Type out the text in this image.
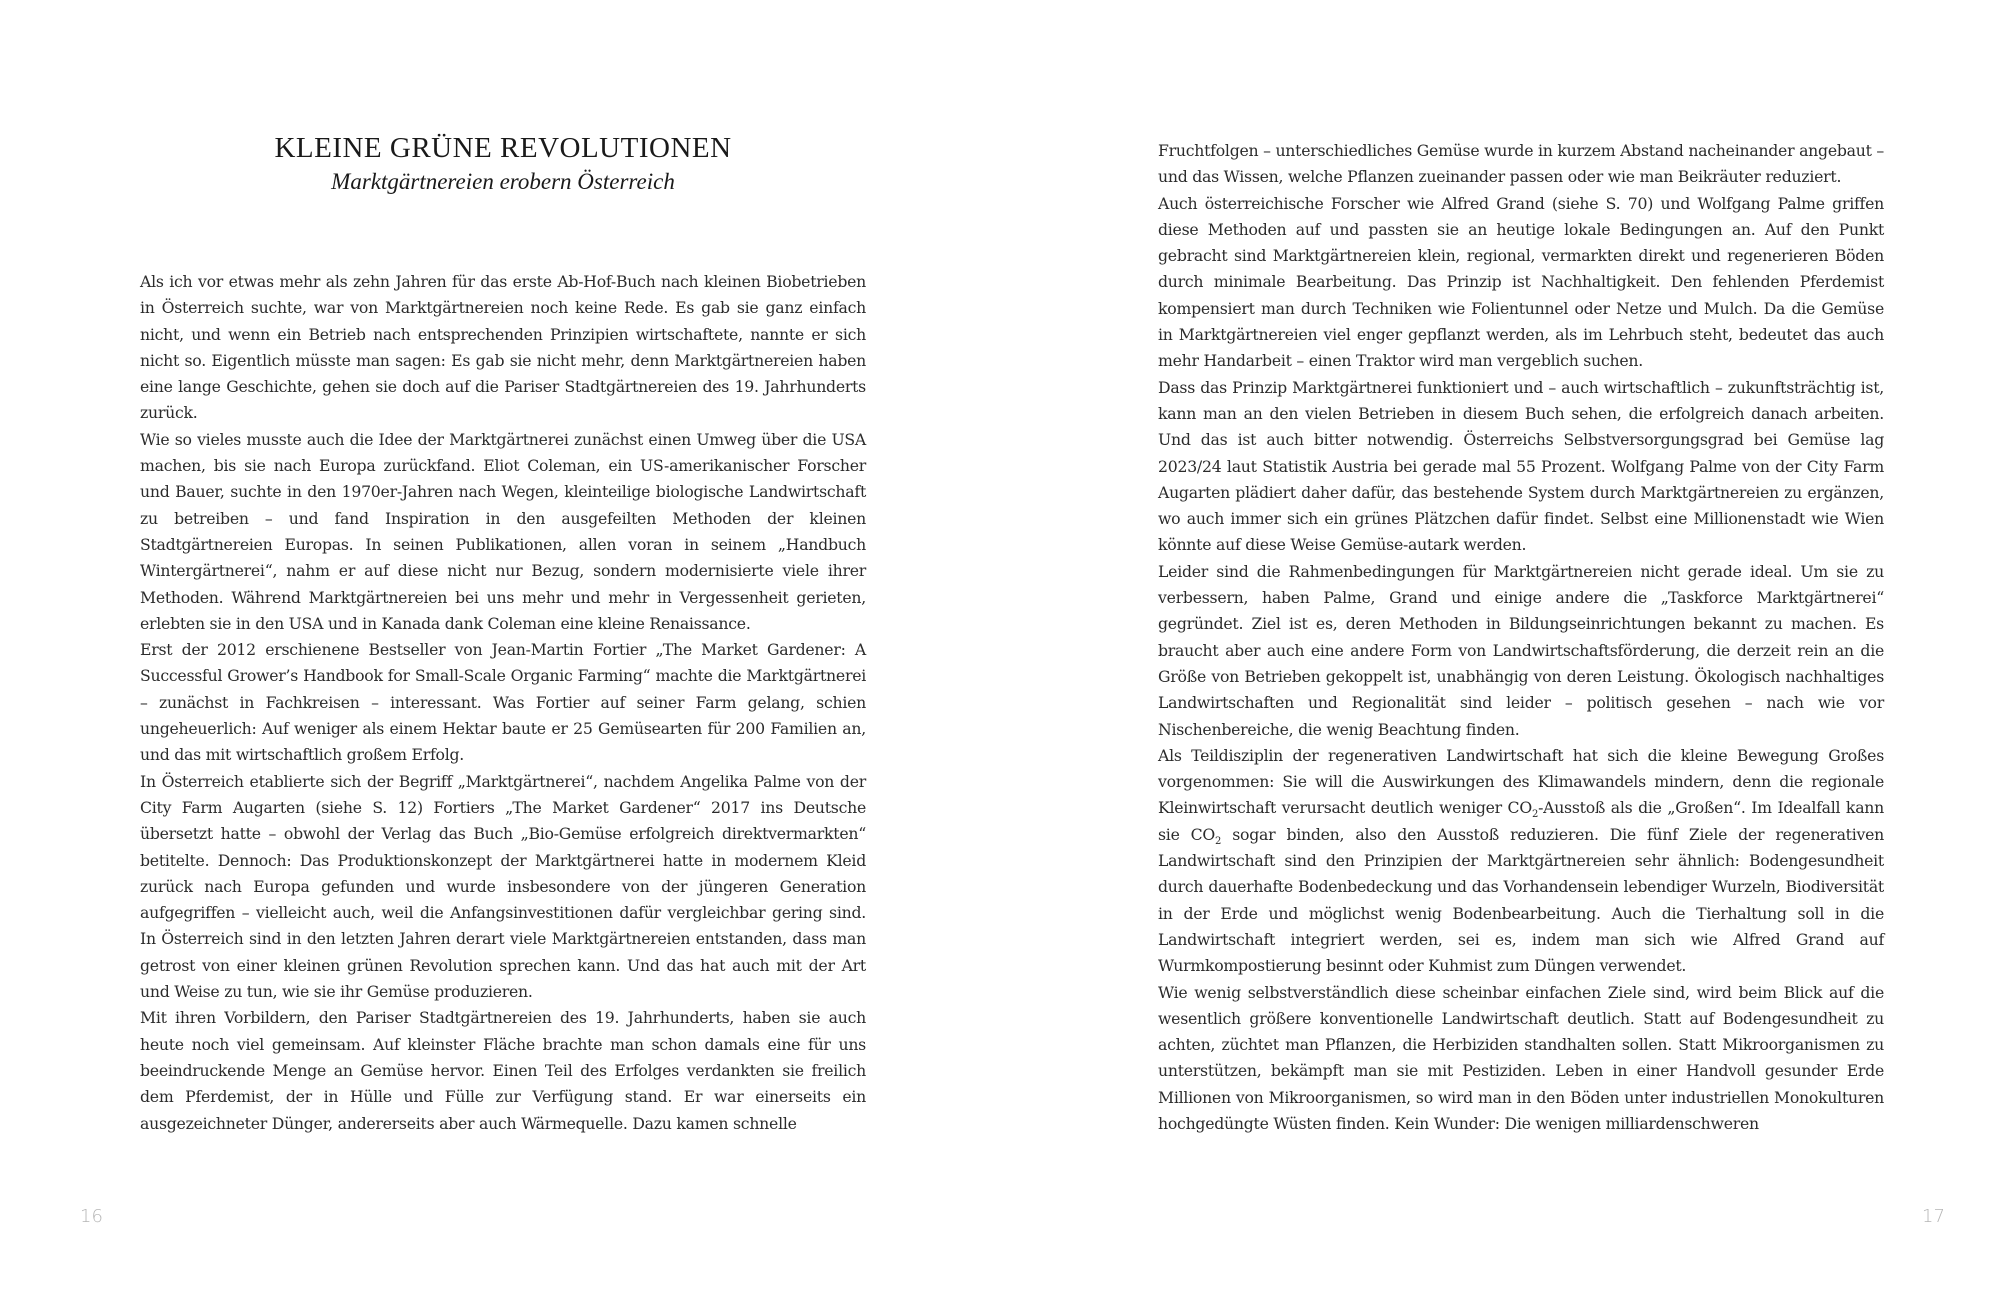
KLEINE GRÜNE REVOLUTIONEN
Marktgärtnereien erobern Österreich

Als ich vor etwas mehr als zehn Jahren für das erste Ab-Hof-Buch nach kleinen Biobetrieben in Österreich suchte, war von Marktgärtnereien noch keine Rede. Es gab sie ganz einfach nicht, und wenn ein Betrieb nach entsprechenden Prinzipien wirtschaftete, nannte er sich nicht so. Eigentlich müsste man sagen: Es gab sie nicht mehr, denn Marktgärtnereien haben eine lange Geschichte, gehen sie doch auf die Pariser Stadtgärtnereien des 19. Jahrhunderts zurück.

Wie so vieles musste auch die Idee der Marktgärtnerei zunächst einen Umweg über die USA machen, bis sie nach Europa zurückfand. Eliot Coleman, ein US-amerikanischer Forscher und Bauer, suchte in den 1970er-Jahren nach Wegen, kleinteilige biologische Landwirtschaft zu betreiben – und fand Inspiration in den ausgefeilten Methoden der kleinen Stadtgärtnereien Europas. In seinen Publikationen, allen voran in seinem „Handbuch Wintergärtnerei“, nahm er auf diese nicht nur Bezug, sondern modernisierte viele ihrer Methoden. Während Marktgärtnereien bei uns mehr und mehr in Vergessenheit gerieten, erlebten sie in den USA und in Kanada dank Coleman eine kleine Renaissance.

Erst der 2012 erschienene Bestseller von Jean-Martin Fortier „The Market Gardener: A Successful Grower’s Handbook for Small-Scale Organic Farming“ machte die Marktgärtnerei – zunächst in Fachkreisen – interessant. Was Fortier auf seiner Farm gelang, schien ungeheuerlich: Auf weniger als einem Hektar baute er 25 Gemüsearten für 200 Familien an, und das mit wirtschaftlich großem Erfolg.

In Österreich etablierte sich der Begriff „Marktgärtnerei“, nachdem Angelika Palme von der City Farm Augarten (siehe S. 12) Fortiers „The Market Gardener“ 2017 ins Deutsche übersetzt hatte – obwohl der Verlag das Buch „Bio-Gemüse erfolgreich direktvermarkten“ betitelte. Dennoch: Das Produktionskonzept der Marktgärtnerei hatte in modernem Kleid zurück nach Europa gefunden und wurde insbesondere von der jüngeren Generation aufgegriffen – vielleicht auch, weil die Anfangsinvestitionen dafür vergleichbar gering sind. In Österreich sind in den letzten Jahren derart viele Marktgärtnereien entstanden, dass man getrost von einer kleinen grünen Revolution sprechen kann. Und das hat auch mit der Art und Weise zu tun, wie sie ihr Gemüse produzieren.

Mit ihren Vorbildern, den Pariser Stadtgärtnereien des 19. Jahrhunderts, haben sie auch heute noch viel gemeinsam. Auf kleinster Fläche brachte man schon damals eine für uns beeindruckende Menge an Gemüse hervor. Einen Teil des Erfolges verdankten sie freilich dem Pferdemist, der in Hülle und Fülle zur Verfügung stand. Er war einerseits ein ausgezeichneter Dünger, andererseits aber auch Wärmequelle. Dazu kamen schnelle

Fruchtfolgen – unterschiedliches Gemüse wurde in kurzem Abstand nacheinander angebaut – und das Wissen, welche Pflanzen zueinander passen oder wie man Beikräuter reduziert.

Auch österreichische Forscher wie Alfred Grand (siehe S. 70) und Wolfgang Palme griffen diese Methoden auf und passten sie an heutige lokale Bedingungen an. Auf den Punkt gebracht sind Marktgärtnereien klein, regional, vermarkten direkt und regenerieren Böden durch minimale Bearbeitung. Das Prinzip ist Nachhaltigkeit. Den fehlenden Pferdemist kompensiert man durch Techniken wie Folientunnel oder Netze und Mulch. Da die Gemüse in Marktgärtnereien viel enger gepflanzt werden, als im Lehrbuch steht, bedeutet das auch mehr Handarbeit – einen Traktor wird man vergeblich suchen.

Dass das Prinzip Marktgärtnerei funktioniert und – auch wirtschaftlich – zukunftsträchtig ist, kann man an den vielen Betrieben in diesem Buch sehen, die erfolgreich danach arbeiten. Und das ist auch bitter notwendig. Österreichs Selbstversorgungsgrad bei Gemüse lag 2023/24 laut Statistik Austria bei gerade mal 55 Prozent. Wolfgang Palme von der City Farm Augarten plädiert daher dafür, das bestehende System durch Marktgärtnereien zu ergänzen, wo auch immer sich ein grünes Plätzchen dafür findet. Selbst eine Millionenstadt wie Wien könnte auf diese Weise Gemüse-autark werden.

Leider sind die Rahmenbedingungen für Marktgärtnereien nicht gerade ideal. Um sie zu verbessern, haben Palme, Grand und einige andere die „Taskforce Marktgärtnerei“ gegründet. Ziel ist es, deren Methoden in Bildungseinrichtungen bekannt zu machen. Es braucht aber auch eine andere Form von Landwirtschaftsförderung, die derzeit rein an die Größe von Betrieben gekoppelt ist, unabhängig von deren Leistung. Ökologisch nachhaltiges Landwirtschaften und Regionalität sind leider – politisch gesehen – nach wie vor Nischenbereiche, die wenig Beachtung finden.

Als Teildisziplin der regenerativen Landwirtschaft hat sich die kleine Bewegung Großes vorgenommen: Sie will die Auswirkungen des Klimawandels mindern, denn die regionale Kleinwirtschaft verursacht deutlich weniger $CO_2$-Ausstoß als die „Großen“. Im Idealfall kann sie $CO_2$ sogar binden, also den Ausstoß reduzieren. Die fünf Ziele der regenerativen Landwirtschaft sind den Prinzipien der Marktgärtnereien sehr ähnlich: Bodengesundheit durch dauerhafte Bodenbedeckung und das Vorhandensein lebendiger Wurzeln, Biodiversität in der Erde und möglichst wenig Bodenbearbeitung. Auch die Tierhaltung soll in die Landwirtschaft integriert werden, sei es, indem man sich wie Alfred Grand auf Wurmkompostierung besinnt oder Kuhmist zum Düngen verwendet.

Wie wenig selbstverständlich diese scheinbar einfachen Ziele sind, wird beim Blick auf die wesentlich größere konventionelle Landwirtschaft deutlich. Statt auf Bodengesundheit zu achten, züchtet man Pflanzen, die Herbiziden standhalten sollen. Statt Mikroorganismen zu unterstützen, bekämpft man sie mit Pestiziden. Leben in einer Handvoll gesunder Erde Millionen von Mikroorganismen, so wird man in den Böden unter industriellen Monokulturen hochgedüngte Wüsten finden. Kein Wunder: Die wenigen milliardenschweren

16	17
